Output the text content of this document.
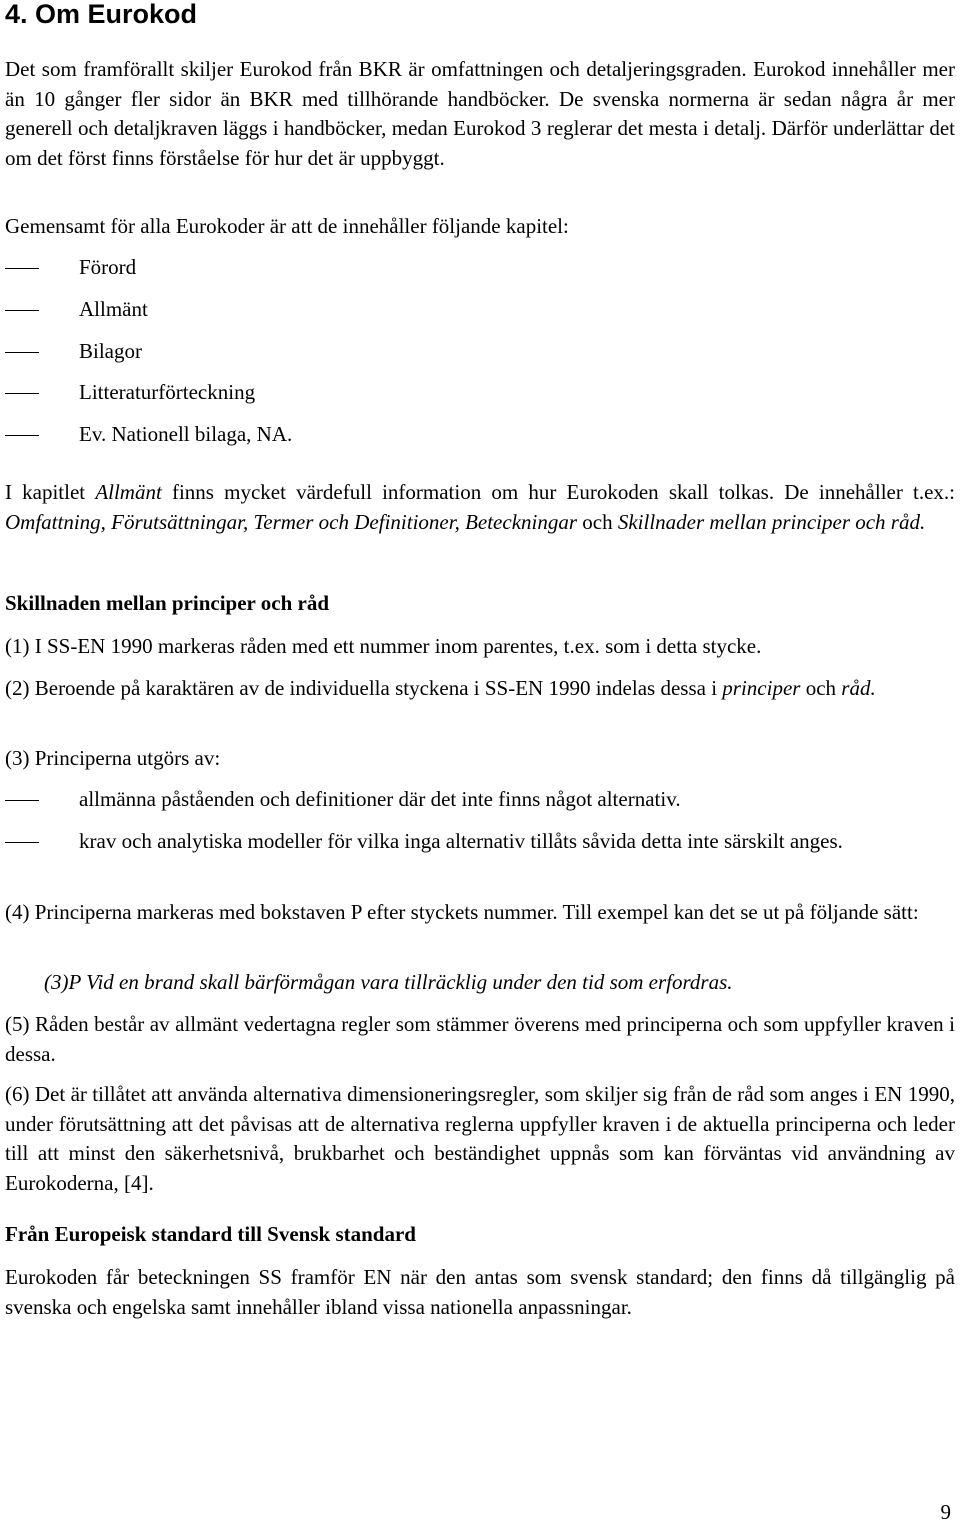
4. Om Eurokod

Det som framförallt skiljer Eurokod från BKR är omfattningen och detaljeringsgraden. Eurokod innehåller mer än 10 gånger fler sidor än BKR med tillhörande handböcker. De svenska normerna är sedan några år mer generell och detaljkraven läggs i handböcker, medan Eurokod 3 reglerar det mesta i detalj. Därför underlättar det om det först finns förståelse för hur det är uppbyggt.

Gemensamt för alla Eurokoder är att de innehåller följande kapitel:

Förord
Allmänt
Bilagor
Litteraturförteckning
Ev. Nationell bilaga, NA.

I kapitlet Allmänt finns mycket värdefull information om hur Eurokoden skall tolkas. De innehåller t.ex.: Omfattning, Förutsättningar, Termer och Definitioner, Beteckningar och Skillnader mellan principer och råd.

Skillnaden mellan principer och råd

(1) I SS-EN 1990 markeras råden med ett nummer inom parentes, t.ex. som i detta stycke.

(2) Beroende på karaktären av de individuella styckena i SS-EN 1990 indelas dessa i principer och råd.

(3) Principerna utgörs av:

allmänna påståenden och definitioner där det inte finns något alternativ.
krav och analytiska modeller för vilka inga alternativ tillåts såvida detta inte särskilt anges.

(4) Principerna markeras med bokstaven P efter styckets nummer. Till exempel kan det se ut på följande sätt:

(3)P Vid en brand skall bärförmågan vara tillräcklig under den tid som erfordras.

(5) Råden består av allmänt vedertagna regler som stämmer överens med principerna och som uppfyller kraven i dessa.

(6) Det är tillåtet att använda alternativa dimensioneringsregler, som skiljer sig från de råd som anges i EN 1990, under förutsättning att det påvisas att de alternativa reglerna uppfyller kraven i de aktuella principerna och leder till att minst den säkerhetsnivå, brukbarhet och beständighet uppnås som kan förväntas vid användning av Eurokoderna, [4].

Från Europeisk standard till Svensk standard

Eurokoden får beteckningen SS framför EN när den antas som svensk standard; den finns då tillgänglig på svenska och engelska samt innehåller ibland vissa nationella anpassningar.

9
